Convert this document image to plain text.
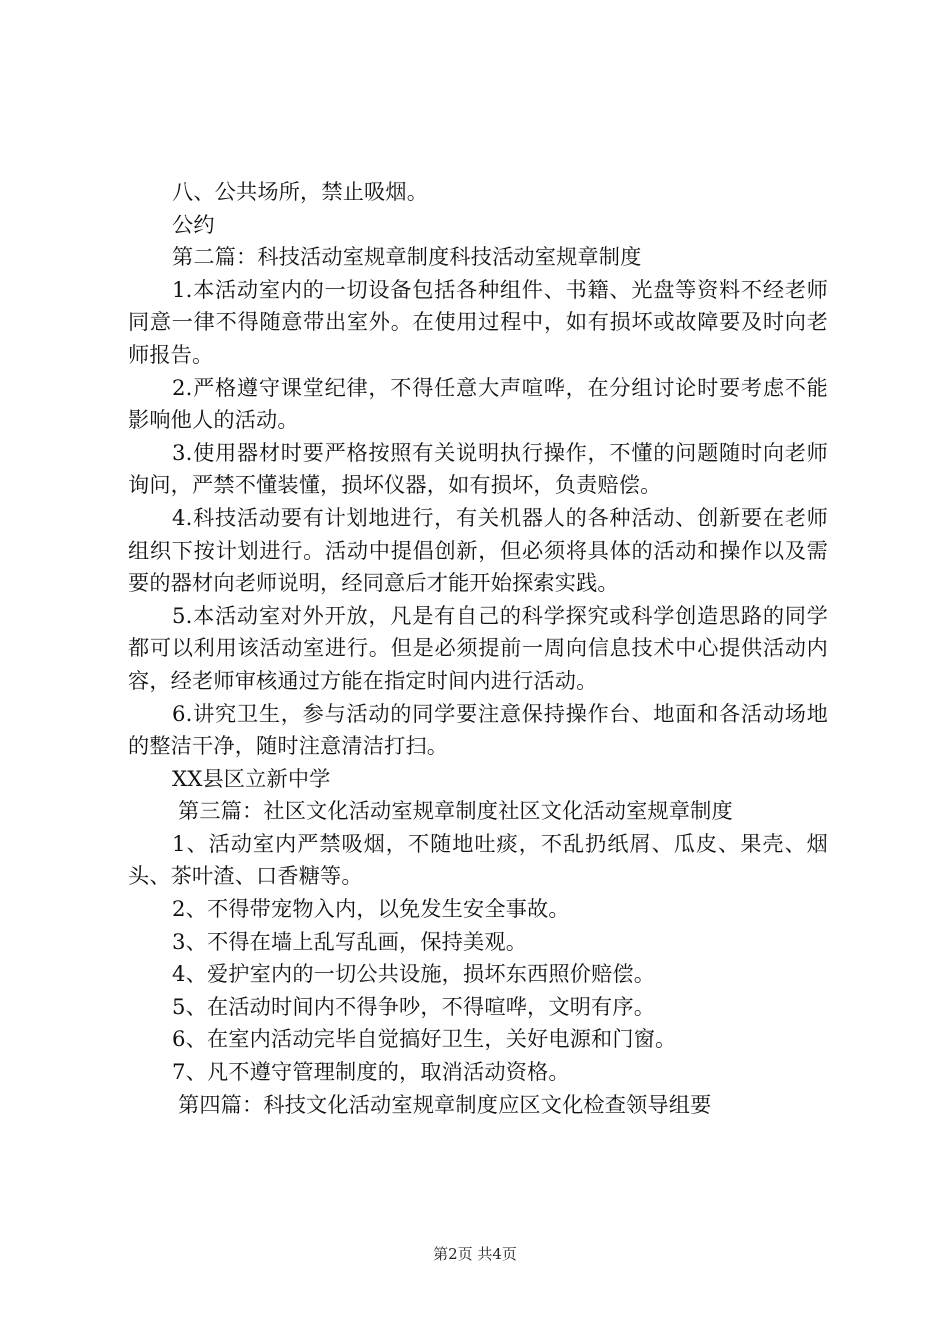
八、公共场所，禁止吸烟。
公约
第二篇：科技活动室规章制度科技活动室规章制度
1.本活动室内的一切设备包括各种组件、书籍、光盘等资料不经老师同意一律不得随意带出室外。在使用过程中，如有损坏或故障要及时向老师报告。
2.严格遵守课堂纪律，不得任意大声喧哗，在分组讨论时要考虑不能影响他人的活动。
3.使用器材时要严格按照有关说明执行操作，不懂的问题随时向老师询问，严禁不懂装懂，损坏仪器，如有损坏，负责赔偿。
4.科技活动要有计划地进行，有关机器人的各种活动、创新要在老师组织下按计划进行。活动中提倡创新，但必须将具体的活动和操作以及需要的器材向老师说明，经同意后才能开始探索实践。
5.本活动室对外开放，凡是有自己的科学探究或科学创造思路的同学都可以利用该活动室进行。但是必须提前一周向信息技术中心提供活动内容，经老师审核通过方能在指定时间内进行活动。
6.讲究卫生，参与活动的同学要注意保持操作台、地面和各活动场地的整洁干净，随时注意清洁打扫。
XX县区立新中学
第三篇：社区文化活动室规章制度社区文化活动室规章制度
1、活动室内严禁吸烟，不随地吐痰，不乱扔纸屑、瓜皮、果壳、烟头、茶叶渣、口香糖等。
2、不得带宠物入内，以免发生安全事故。
3、不得在墙上乱写乱画，保持美观。
4、爱护室内的一切公共设施，损坏东西照价赔偿。
5、在活动时间内不得争吵，不得喧哗，文明有序。
6、在室内活动完毕自觉搞好卫生，关好电源和门窗。
7、凡不遵守管理制度的，取消活动资格。
第四篇：科技文化活动室规章制度应区文化检查领导组要
第2页 共4页
